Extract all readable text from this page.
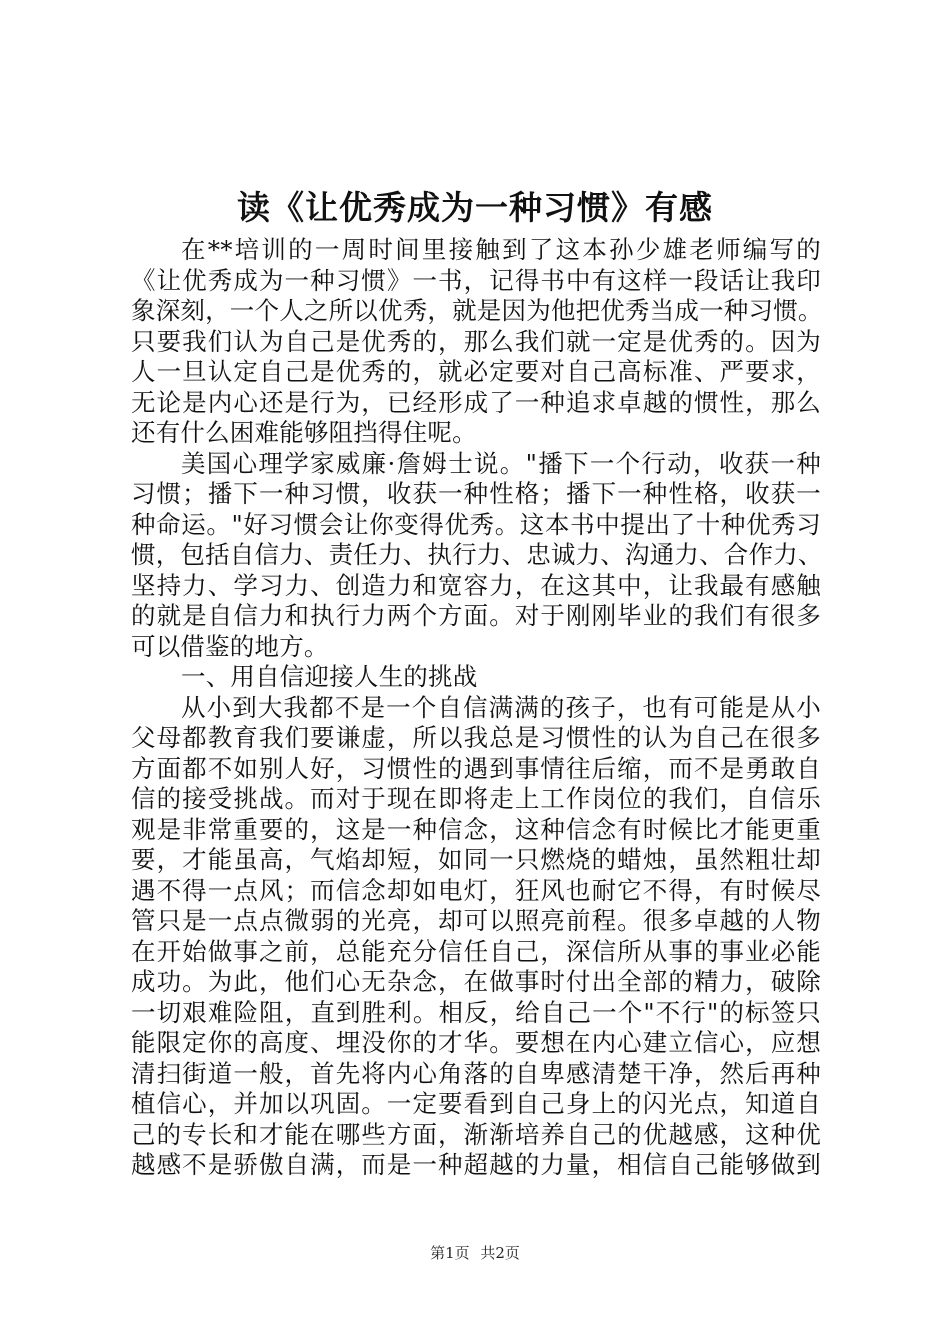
读《让优秀成为一种习惯》有感
在**培训的一周时间里接触到了这本孙少雄老师编写的
《让优秀成为一种习惯》一书，记得书中有这样一段话让我印
象深刻，一个人之所以优秀，就是因为他把优秀当成一种习惯。
只要我们认为自己是优秀的，那么我们就一定是优秀的。因为
人一旦认定自己是优秀的，就必定要对自己高标准、严要求，
无论是内心还是行为，已经形成了一种追求卓越的惯性，那么
还有什么困难能够阻挡得住呢。
美国心理学家威廉·詹姆士说。"播下一个行动，收获一种
习惯；播下一种习惯，收获一种性格；播下一种性格，收获一
种命运。"好习惯会让你变得优秀。这本书中提出了十种优秀习
惯，包括自信力、责任力、执行力、忠诚力、沟通力、合作力、
坚持力、学习力、创造力和宽容力，在这其中，让我最有感触
的就是自信力和执行力两个方面。对于刚刚毕业的我们有很多
可以借鉴的地方。
一、用自信迎接人生的挑战
从小到大我都不是一个自信满满的孩子，也有可能是从小
父母都教育我们要谦虚，所以我总是习惯性的认为自己在很多
方面都不如别人好，习惯性的遇到事情往后缩，而不是勇敢自
信的接受挑战。而对于现在即将走上工作岗位的我们，自信乐
观是非常重要的，这是一种信念，这种信念有时候比才能更重
要，才能虽高，气焰却短，如同一只燃烧的蜡烛，虽然粗壮却
遇不得一点风；而信念却如电灯，狂风也耐它不得，有时候尽
管只是一点点微弱的光亮，却可以照亮前程。很多卓越的人物
在开始做事之前，总能充分信任自己，深信所从事的事业必能
成功。为此，他们心无杂念，在做事时付出全部的精力，破除
一切艰难险阻，直到胜利。相反，给自己一个"不行"的标签只
能限定你的高度、埋没你的才华。要想在内心建立信心，应想
清扫街道一般，首先将内心角落的自卑感清楚干净，然后再种
植信心，并加以巩固。一定要看到自己身上的闪光点，知道自
己的专长和才能在哪些方面，渐渐培养自己的优越感，这种优
越感不是骄傲自满，而是一种超越的力量，相信自己能够做到
第1页 共2页
